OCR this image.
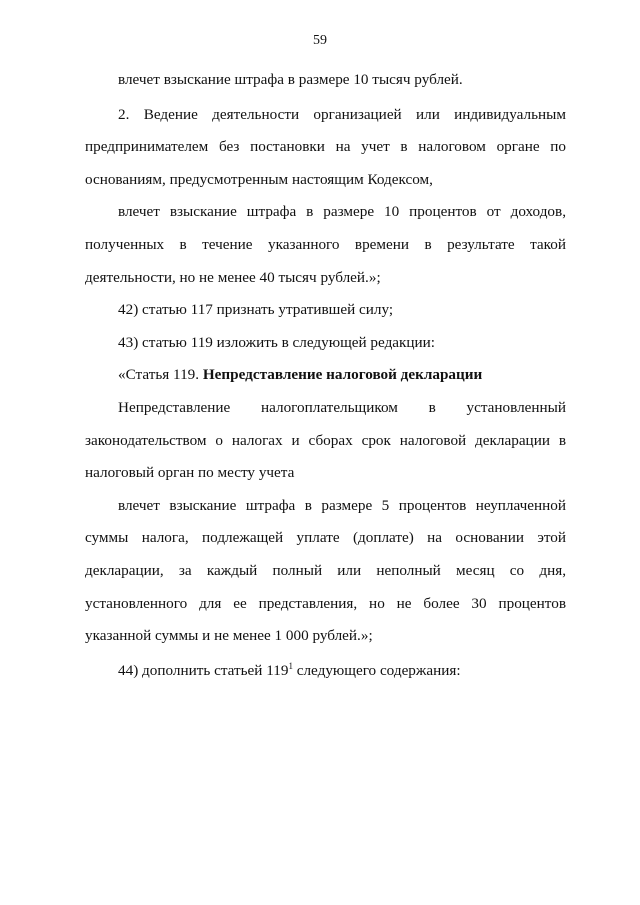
59

влечет взыскание штрафа в размере 10 тысяч рублей.

2. Ведение деятельности организацией или индивидуальным

предпринимателем без постановки на учет в налоговом органе по основаниям, предусмотренным настоящим Кодексом,

влечет взыскание штрафа в размере 10 процентов от доходов,

полученных в течение указанного времени в результате такой деятельности, но не менее 40 тысяч рублей.»;

42) статью 117 признать утратившей силу;

43) статью 119 изложить в следующей редакции:

«Статья 119. Непредставление налоговой декларации

Непредставление налогоплательщиком в установленный

законодательством о налогах и сборах срок налоговой декларации в налоговый орган по месту учета

влечет взыскание штрафа в размере 5 процентов неуплаченной

суммы налога, подлежащей уплате (доплате) на основании этой декларации, за каждый полный или неполный месяц со дня, установленного для ее представления, но не более 30 процентов указанной суммы и не менее 1 000 рублей.»;

44) дополнить статьей $119^1$ следующего содержания:
